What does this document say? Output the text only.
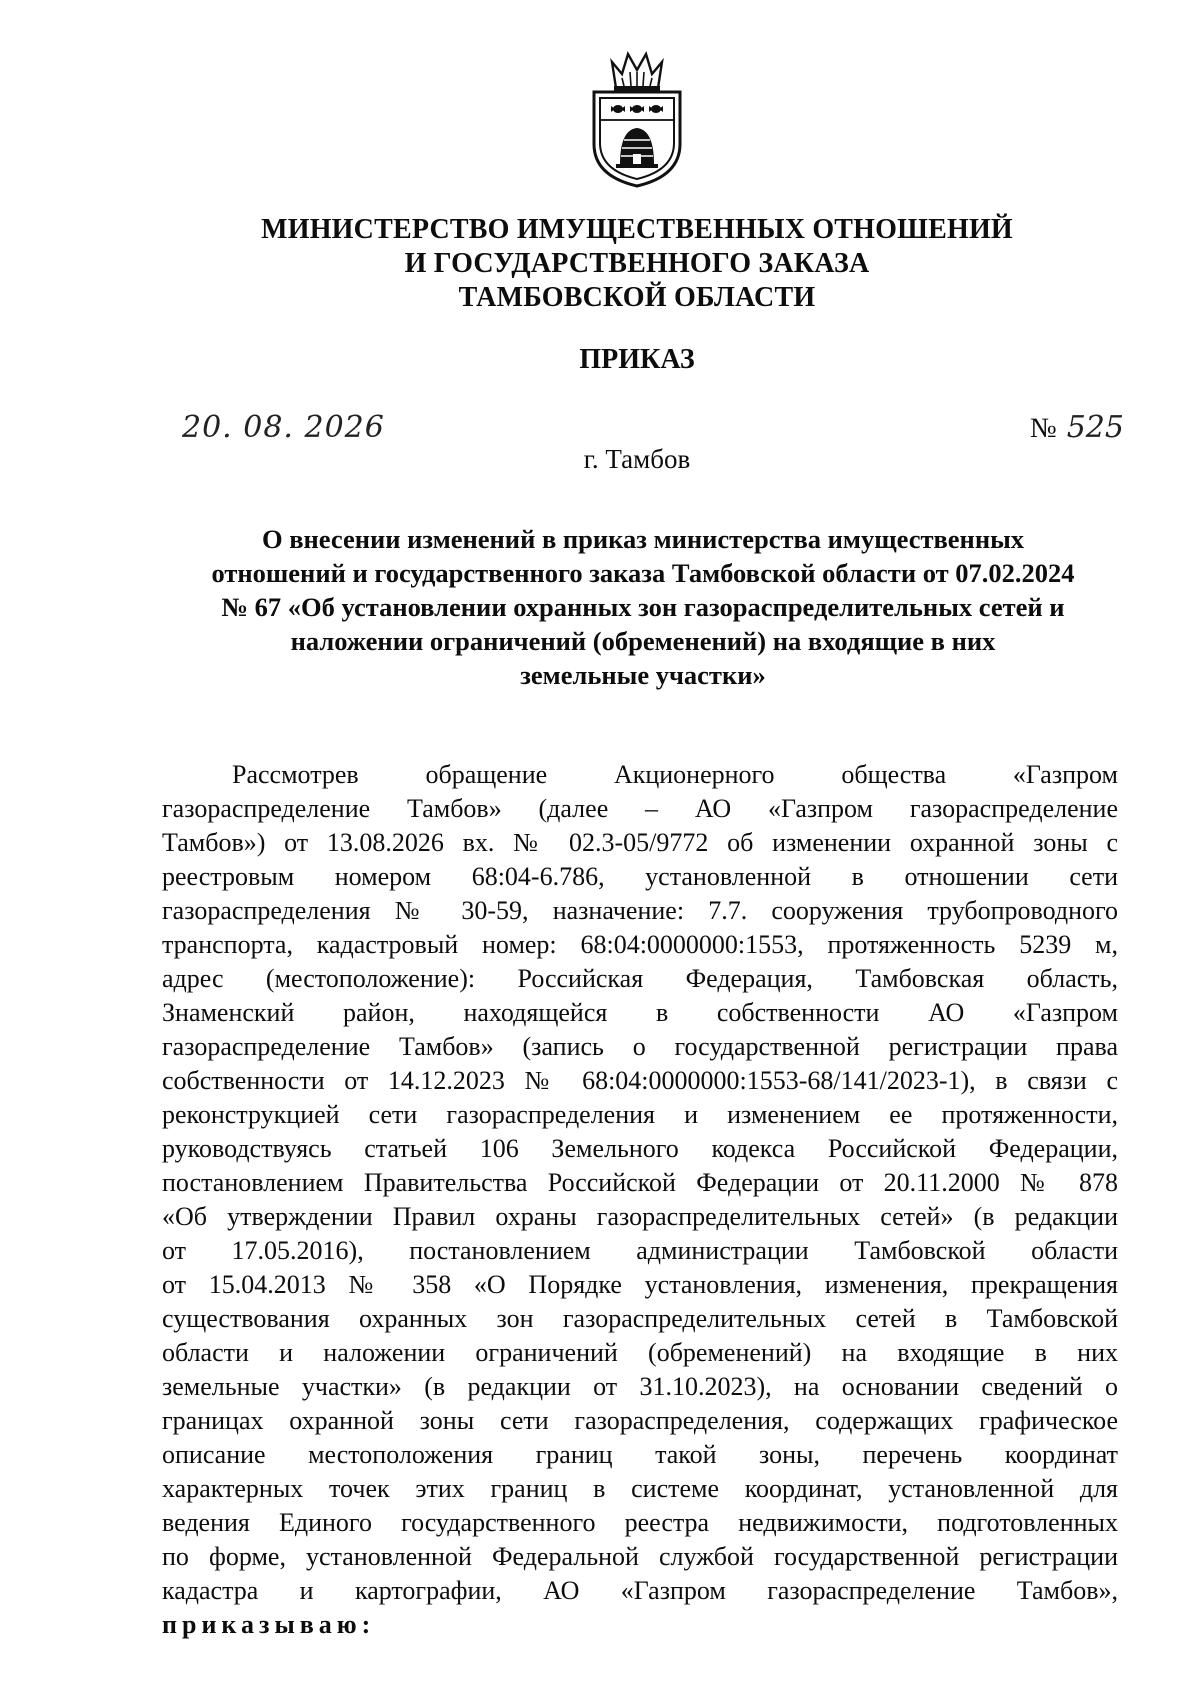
МИНИСТЕРСТВО ИМУЩЕСТВЕННЫХ ОТНОШЕНИЙ
И ГОСУДАРСТВЕННОГО ЗАКАЗА
ТАМБОВСКОЙ ОБЛАСТИ
ПРИКАЗ
20. 08. 2026	№ 525
г. Тамбов
О внесении изменений в приказ министерства имущественных
отношений и государственного заказа Тамбовской области от 07.02.2024
№ 67 «Об установлении охранных зон газораспределительных сетей и
наложении ограничений (обременений) на входящие в них
земельные участки»
Рассмотрев обращение Акционерного общества «Газпром
газораспределение Тамбов» (далее – АО «Газпром газораспределение
Тамбов») от 13.08.2026 вх. № 02.3-05/9772 об изменении охранной зоны с
реестровым номером 68:04-6.786, установленной в отношении сети
газораспределения № 30-59, назначение: 7.7. сооружения трубопроводного
транспорта, кадастровый номер: 68:04:0000000:1553, протяженность 5239 м,
адрес (местоположение): Российская Федерация, Тамбовская область,
Знаменский район, находящейся в собственности АО «Газпром
газораспределение Тамбов» (запись о государственной регистрации права
собственности от 14.12.2023 № 68:04:0000000:1553-68/141/2023-1), в связи с
реконструкцией сети газораспределения и изменением ее протяженности,
руководствуясь статьей 106 Земельного кодекса Российской Федерации,
постановлением Правительства Российской Федерации от 20.11.2000 № 878
«Об утверждении Правил охраны газораспределительных сетей» (в редакции
от 17.05.2016), постановлением администрации Тамбовской области
от 15.04.2013 № 358 «О Порядке установления, изменения, прекращения
существования охранных зон газораспределительных сетей в Тамбовской
области и наложении ограничений (обременений) на входящие в них
земельные участки» (в редакции от 31.10.2023), на основании сведений о
границах охранной зоны сети газораспределения, содержащих графическое
описание местоположения границ такой зоны, перечень координат
характерных точек этих границ в системе координат, установленной для
ведения Единого государственного реестра недвижимости, подготовленных
по форме, установленной Федеральной службой государственной регистрации
кадастра и картографии, АО «Газпром газораспределение Тамбов»,
приказываю:
